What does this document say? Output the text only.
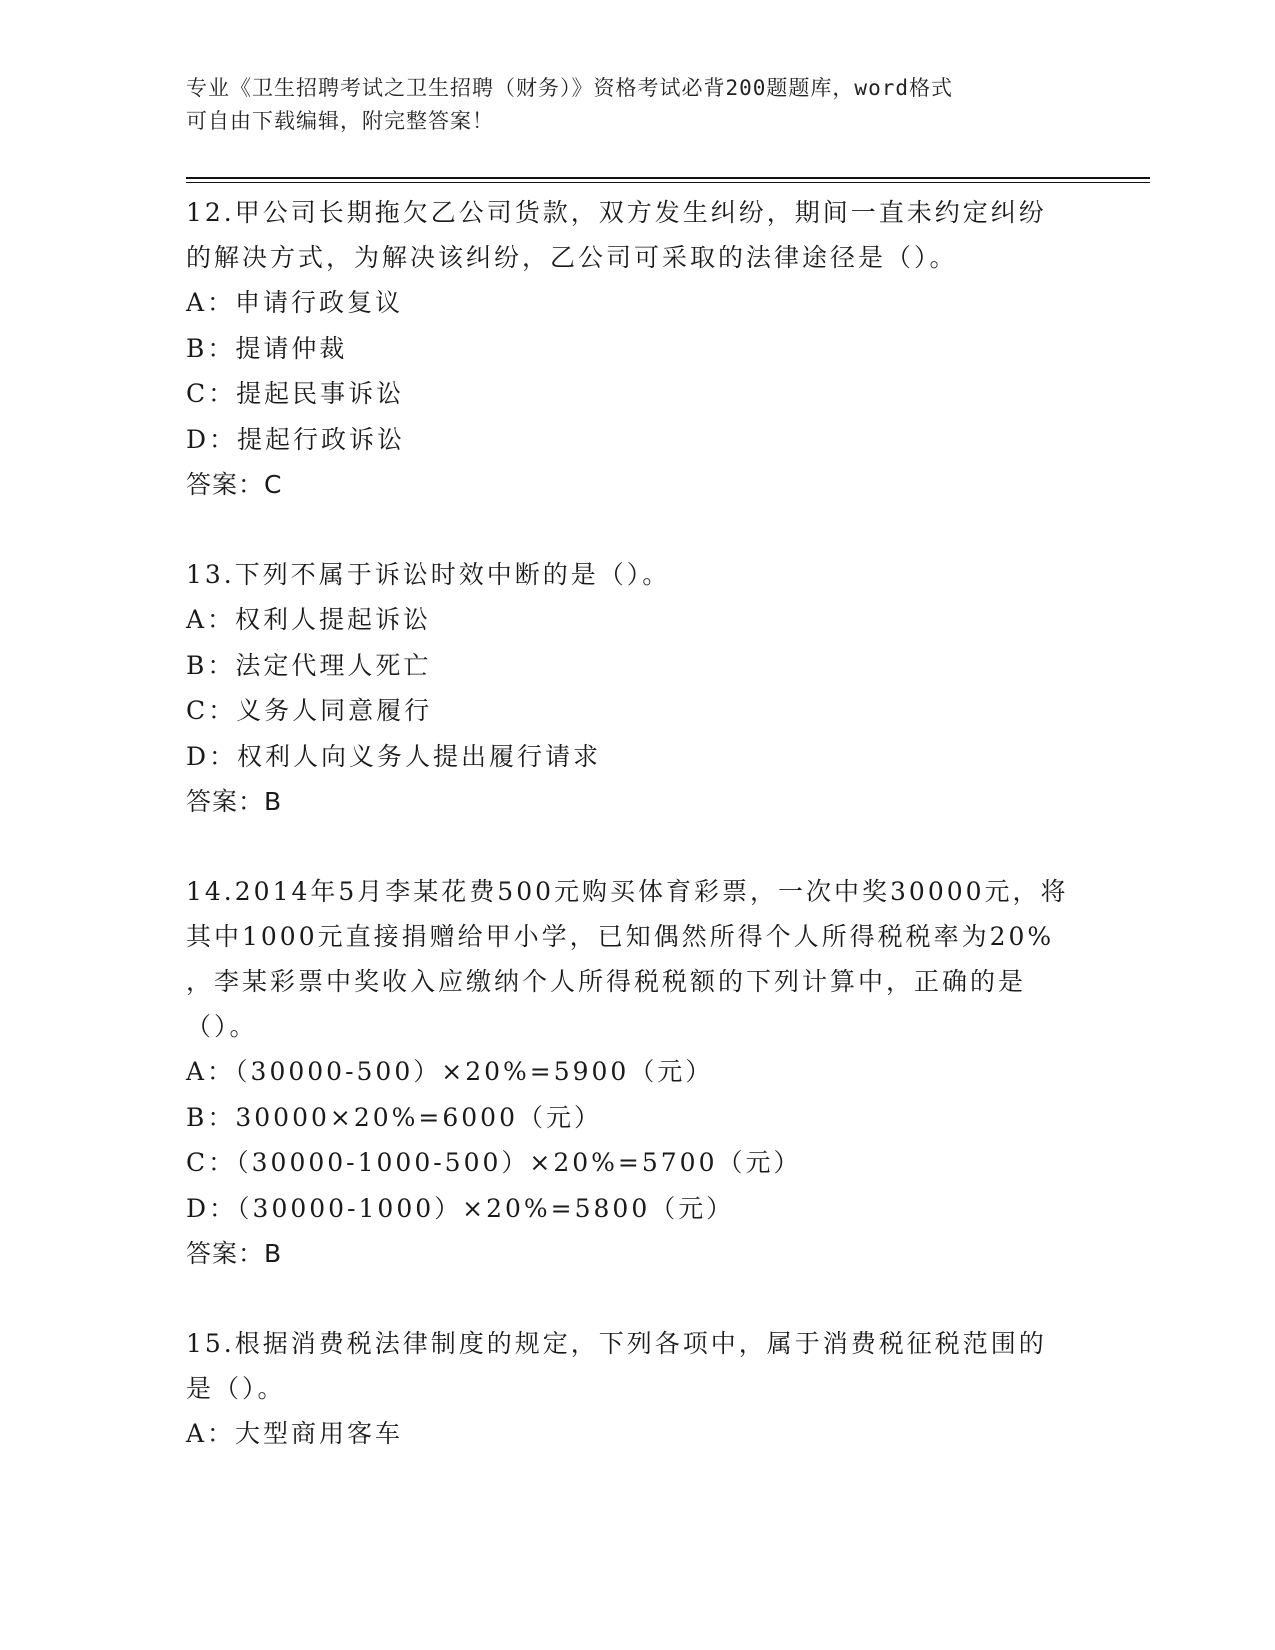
专业《卫生招聘考试之卫生招聘（财务）》资格考试必背200题题库，word格式
可自由下载编辑，附完整答案！

12.甲公司长期拖欠乙公司货款，双方发生纠纷，期间一直未约定纠纷

的解决方式，为解决该纠纷，乙公司可采取的法律途径是（）。

A：申请行政复议

B：提请仲裁

C：提起民事诉讼

D：提起行政诉讼

答案：C

13.下列不属于诉讼时效中断的是（）。

A：权利人提起诉讼

B：法定代理人死亡

C：义务人同意履行

D：权利人向义务人提出履行请求

答案：B

14.2014年5月李某花费500元购买体育彩票，一次中奖30000元，将

其中1000元直接捐赠给甲小学，已知偶然所得个人所得税税率为20%

，李某彩票中奖收入应缴纳个人所得税税额的下列计算中，正确的是

（）。

A：（30000-500）×20%=5900（元）

B：30000×20%=6000（元）

C：（30000-1000-500）×20%=5700（元）

D：（30000-1000）×20%=5800（元）

答案：B

15.根据消费税法律制度的规定，下列各项中，属于消费税征税范围的

是（）。

A：大型商用客车
